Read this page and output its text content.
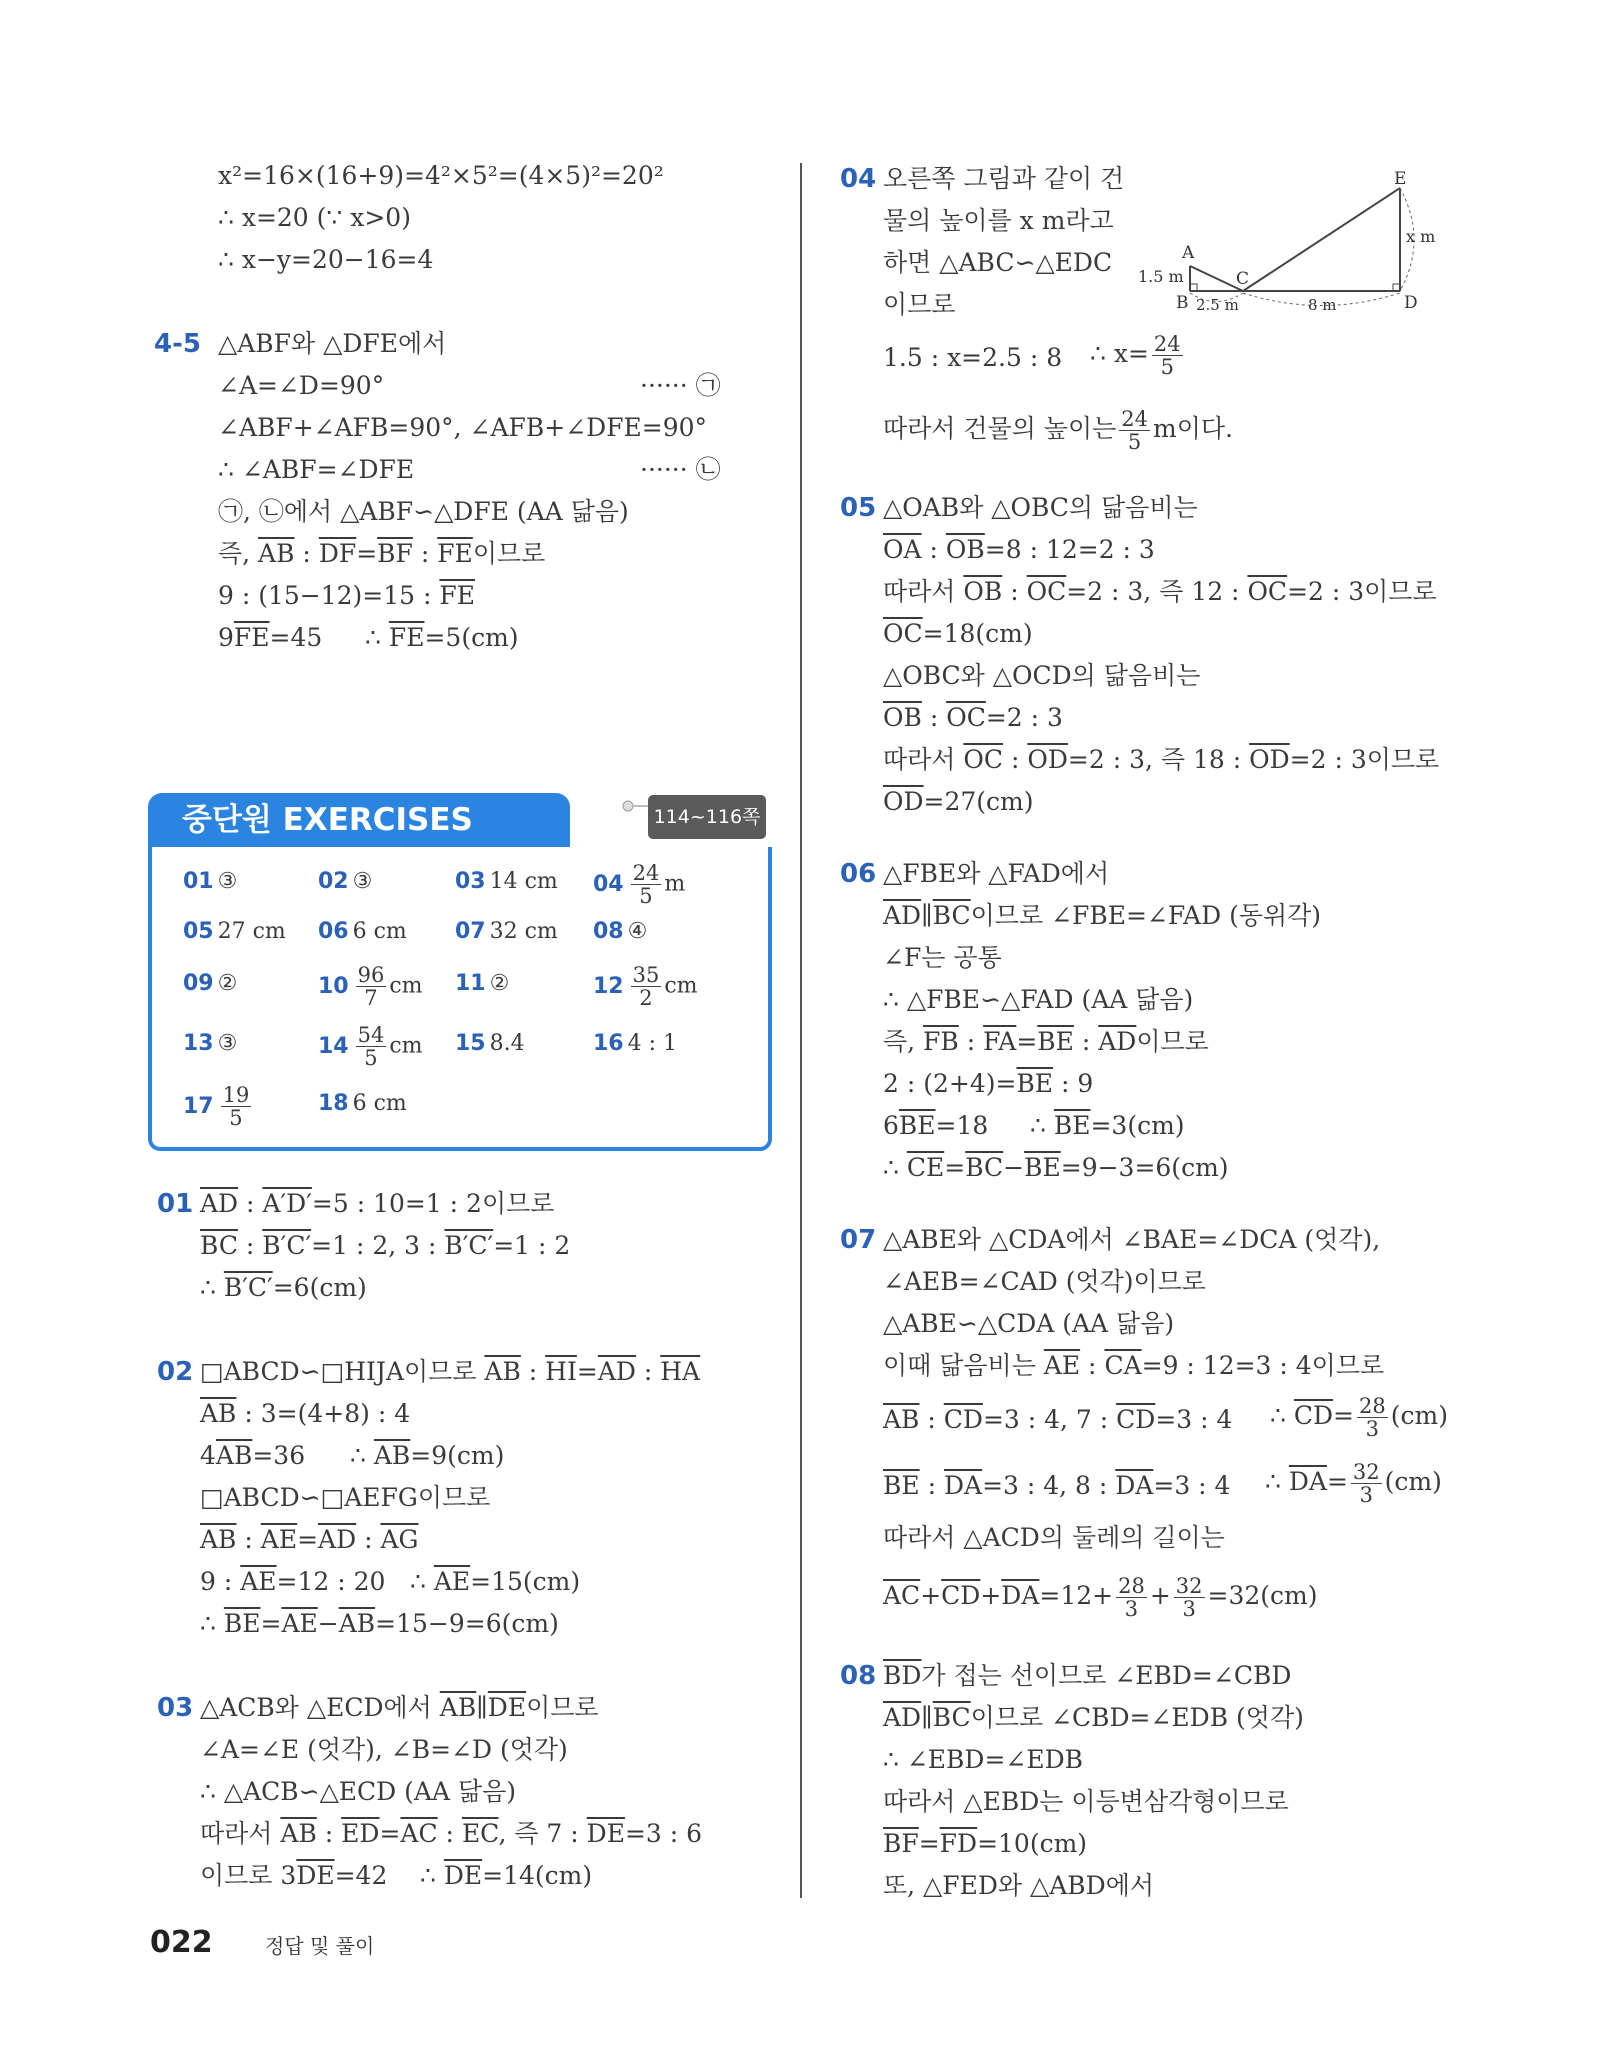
x²=16×(16+9)=4²×5²=(4×5)²=20²
∴ x=20 (∵ x>0)
∴ x−y=20−16=4
4-5 △ABF와 △DFE에서
∠A=∠D=90°	······ ㉠
∠ABF+∠AFB=90°, ∠AFB+∠DFE=90°
∴ ∠ABF=∠DFE	······ ㉡
㉠, ㉡에서 △ABF∽△DFE (AA 닮음)
즉, $\overline{AB}$ : $\overline{DF}=\overline{BF}$ : $\overline{FE}$이므로
9 : (15−12)=15 : $\overline{FE}$
$9\overline{FE}=45$ ∴ $\overline{FE}=5(cm)$
중단원 EXERCISES	114~116쪽
01 ③	02 ③	03 14 cm $04 \frac{24}{5}$ m
05 27 cm 06 6 cm 07 32 cm 08 ④
09 ②	$10 \frac{96}{7}$ cm 11 ②	$12 \frac{35}{2}$ cm
13 ③	$14 \frac{54}{5}$ cm 15 8.4	16 4 : 1
$17 \frac{19}{5}$	18 6 cm
01 $\overline{AD}$ : A′D′=5 : 10=1 : 2이므로
$\overline{BC}$ : B′C′=1 : 2, 3 : B′C′=1 : 2
∴ B′C′=6(cm)
02 □ABCD∽□HIJA이므로 $\overline{AB}$ : $\overline{HI}=\overline{AD}$ : $\overline{HA}$
$\overline{AB}$ : 3=(4+8) : 4
$4\overline{AB}=36$ ∴ $\overline{AB}=9(cm)$
□ABCD∽□AEFG이므로
$\overline{AB}$ : $\overline{AE}=\overline{AD}$ : $\overline{AG}$
9 : $\overline{AE}=12$ : 20 ∴ $\overline{AE}=15(cm)$
∴ $\overline{BE}=\overline{AE}-\overline{AB}=15-9=6(cm)$
03 △ACB와 △ECD에서 $\overline{AB}\parallel\overline{DE}$이므로
∠A=∠E (엇각), ∠B=∠D (엇각)
∴ △ACB∽△ECD (AA 닮음)
따라서 $\overline{AB}$ : $\overline{ED}=\overline{AC}$ : $\overline{EC}$, 즉 7 : $\overline{DE}=3$ : 6
이므로 $3\overline{DE}=42$ ∴ $\overline{DE}=14(cm)$
04 오른쪽 그림과 같이 건
물의 높이를 x m라고
하면 △ABC∽△EDC
이므로
A
B
C
D
E
1.5 m
2.5 m	8 m
x m
1.5 : x=2.5 : 8 ∴ $x= \frac{24}{5}$
따라서 건물의 높이는 $\frac{24}{5}$ m이다.
05 △OAB와 △OBC의 닮음비는
$\overline{OA}$ : $\overline{OB}=8$ : 12=2 : 3
따라서 $\overline{OB}$ : $\overline{OC}=2$ : 3, 즉 12 : $\overline{OC}=2$ : 3이므로
$\overline{OC}=18(cm)$
△OBC와 △OCD의 닮음비는
$\overline{OB}$ : $\overline{OC}=2$ : 3
따라서 $\overline{OC}$ : $\overline{OD}=2$ : 3, 즉 18 : $\overline{OD}=2$ : 3이므로
$\overline{OD}=27(cm)$
06 △FBE와 △FAD에서
$\overline{AD}\parallel\overline{BC}$이므로 ∠FBE=∠FAD (동위각)
∠F는 공통
∴ △FBE∽△FAD (AA 닮음)
즉, $\overline{FB}$ : $\overline{FA}=\overline{BE}$ : $\overline{AD}$이므로
2 : $(2+4)=\overline{BE}$ : 9
$6\overline{BE}=18$ ∴ $\overline{BE}=3(cm)$
∴ $\overline{CE}=\overline{BC}-\overline{BE}=9-3=6(cm)$
07 △ABE와 △CDA에서 ∠BAE=∠DCA (엇각),
∠AEB=∠CAD (엇각)이므로
△ABE∽△CDA (AA 닮음)
이때 닮음비는 $\overline{AE}$ : $\overline{CA}=9$ : 12=3 : 4이므로
$\overline{AB}$ : $\overline{CD}=3$ : 4, 7 : $\overline{CD}=3$ : 4 ∴ $\overline{CD}= \frac{28}{3} (cm)$
$\overline{BE}$ : $\overline{DA}=3$ : 4, 8 : $\overline{DA}=3$ : 4 ∴ $\overline{DA}= \frac{32}{3} (cm)$
따라서 △ACD의 둘레의 길이는
$\overline{AC}+\overline{CD}+\overline{DA}=12+ \frac{28}{3} + \frac{32}{3} =32(cm)$
08 $\overline{BD}$가 접는 선이므로 ∠EBD=∠CBD
$\overline{AD}\parallel\overline{BC}$이므로 ∠CBD=∠EDB (엇각)
∴ ∠EBD=∠EDB
따라서 △EBD는 이등변삼각형이므로
$\overline{BF}=\overline{FD}=10(cm)$
또, △FED와 △ABD에서
022	정답 및 풀이
